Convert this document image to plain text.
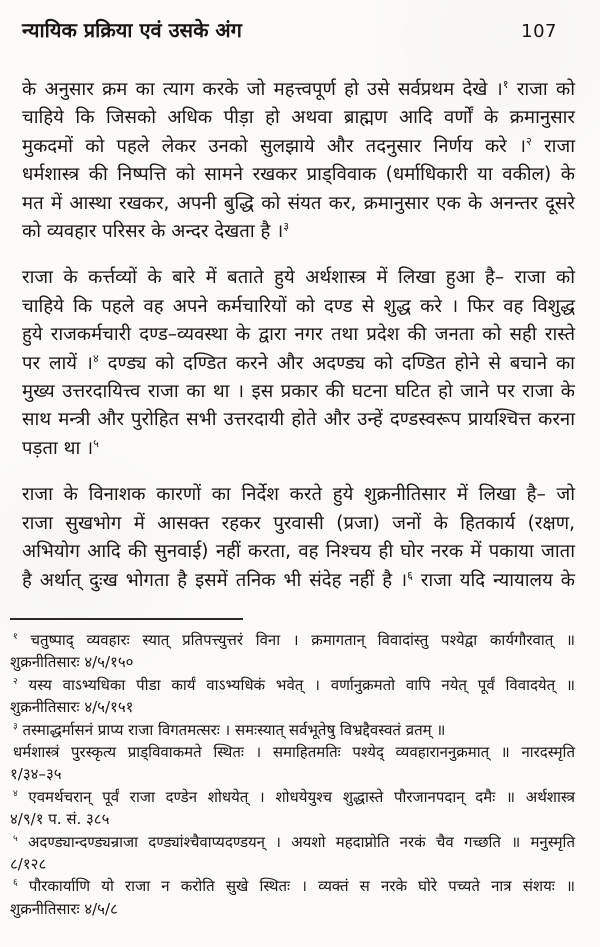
न्यायिक प्रक्रिया एवं उसके अंग	107
के अनुसार क्रम का त्याग करके जो महत्त्वपूर्ण हो उसे सर्वप्रथम देखे ।$^१$ राजा को
चाहिये कि जिसको अधिक पीड़ा हो अथवा ब्राह्मण आदि वर्णों के क्रमानुसार
मुकदमों को पहले लेकर उनको सुलझाये और तदनुसार निर्णय करे ।$^२$ राजा
धर्मशास्त्र की निष्पत्ति को सामने रखकर प्राड्विवाक (धर्माधिकारी या वकील) के
मत में आस्था रखकर, अपनी बुद्धि को संयत कर, क्रमानुसार एक के अनन्तर दूसरे
को व्यवहार परिसर के अन्दर देखता है ।$^३$
राजा के कर्त्तव्यों के बारे में बताते हुये अर्थशास्त्र में लिखा हुआ है– राजा को
चाहिये कि पहले वह अपने कर्मचारियों को दण्ड से शुद्ध करे । फिर वह विशुद्ध
हुये राजकर्मचारी दण्ड–व्यवस्था के द्वारा नगर तथा प्रदेश की जनता को सही रास्ते
पर लायें ।$^४$ दण्ड्य को दण्डित करने और अदण्ड्य को दण्डित होने से बचाने का
मुख्य उत्तरदायित्त्व राजा का था । इस प्रकार की घटना घटित हो जाने पर राजा के
साथ मन्त्री और पुरोहित सभी उत्तरदायी होते और उन्हें दण्डस्वरूप प्रायश्चित्त करना
पड़ता था ।$^५$
राजा के विनाशक कारणों का निर्देश करते हुये शुक्रनीतिसार में लिखा है– जो
राजा सुखभोग में आसक्त रहकर पुरवासी (प्रजा) जनों के हितकार्य (रक्षण,
अभियोग आदि की सुनवाई) नहीं करता, वह निश्चय ही घोर नरक में पकाया जाता
है अर्थात् दुःख भोगता है इसमें तनिक भी संदेह नहीं है ।$^६$ राजा यदि न्यायालय के
$^१$ चतुष्पाद् व्यवहारः स्यात् प्रतिपत्त्युत्तरं विना । क्रमागतान् विवादांस्तु पश्येद्वा कार्यगौरवात् ॥
शुक्रनीतिसारः ४/५/१५०
$^२$ यस्य वाऽभ्यधिका पीडा कार्यं वाऽभ्यधिकं भवेत् । वर्णानुक्रमतो वापि नयेत् पूर्वं विवादयेत् ॥
शुक्रनीतिसारः ४/५/१५१
$^३$ तस्माद्धर्मासनं प्राप्य राजा विगतमत्सरः । समःस्यात् सर्वभूतेषु विभ्रद्दैवस्वतं व्रतम् ॥
धर्मशास्त्रं पुरस्कृत्य प्राड्विवाकमते स्थितः । समाहितमतिः पश्येद् व्यवहाराननुक्रमात् ॥ नारदस्मृति
१/३४–३५
$^४$ एवमर्थचरान् पूर्वं राजा दण्डेन शोधयेत् । शोधयेयुश्च शुद्धास्ते पौरजानपदान् दमैः ॥ अर्थशास्त्र
४/९/१ प. सं. ३८५
$^५$ अदण्ड्यान्दण्ड्यन्राजा दण्ड्यांश्चैवाप्यदण्डयन् । अयशो महदाप्नोति नरकं चैव गच्छति ॥ मनुस्मृति
८/१२८
$^६$ पौरकार्याणि यो राजा न करोति सुखे स्थितः । व्यक्तं स नरके घोरे पच्यते नात्र संशयः ॥
शुक्रनीतिसारः ४/५/८
